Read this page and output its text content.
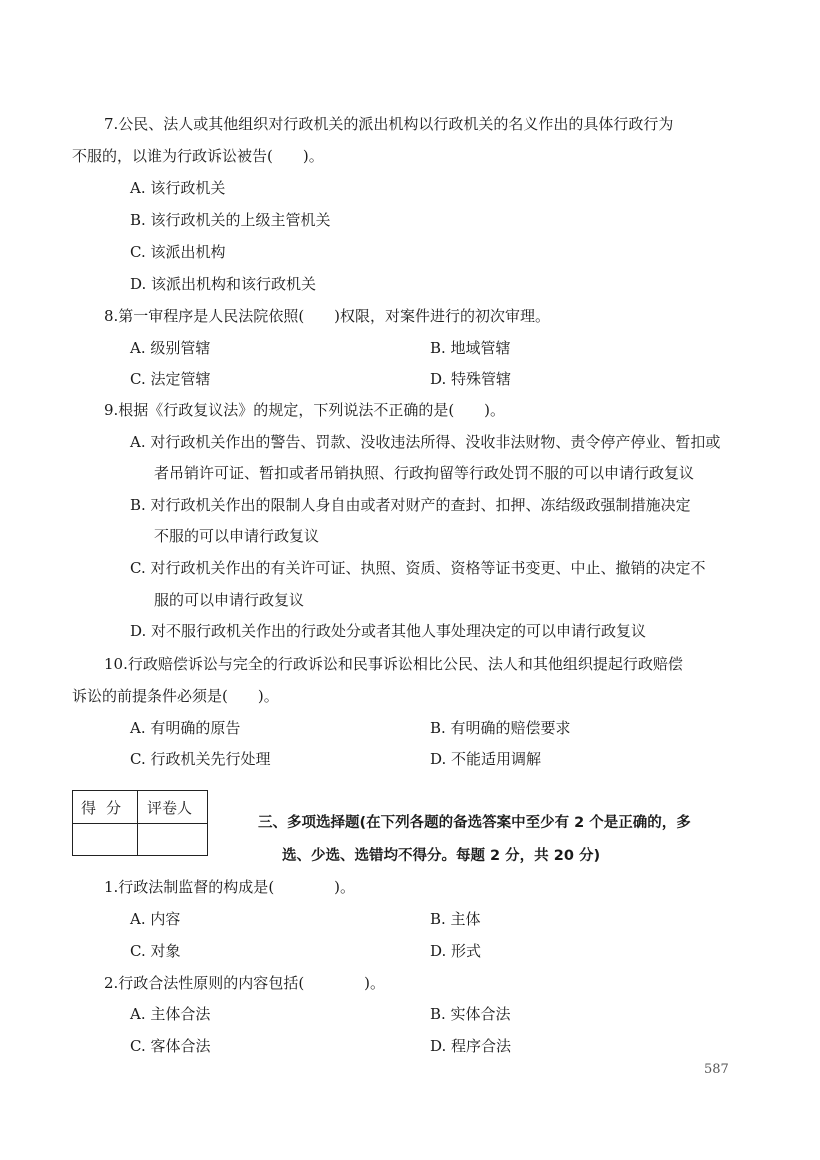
7.公民、法人或其他组织对行政机关的派出机构以行政机关的名义作出的具体行政行为
不服的，以谁为行政诉讼被告(　　)。
A. 该行政机关
B. 该行政机关的上级主管机关
C. 该派出机构
D. 该派出机构和该行政机关
8.第一审程序是人民法院依照(　　)权限，对案件进行的初次审理。
A. 级别管辖	B. 地域管辖
C. 法定管辖	D. 特殊管辖
9.根据《行政复议法》的规定，下列说法不正确的是(　　)。
A. 对行政机关作出的警告、罚款、没收违法所得、没收非法财物、责令停产停业、暂扣或
者吊销许可证、暂扣或者吊销执照、行政拘留等行政处罚不服的可以申请行政复议
B. 对行政机关作出的限制人身自由或者对财产的查封、扣押、冻结级政强制措施决定
不服的可以申请行政复议
C. 对行政机关作出的有关许可证、执照、资质、资格等证书变更、中止、撤销的决定不
服的可以申请行政复议
D. 对不服行政机关作出的行政处分或者其他人事处理决定的可以申请行政复议
10.行政赔偿诉讼与完全的行政诉讼和民事诉讼相比公民、法人和其他组织提起行政赔偿
诉讼的前提条件必须是(　　)。
A. 有明确的原告	B. 有明确的赔偿要求
C. 行政机关先行处理	D. 不能适用调解
得分 评卷人
三、多项选择题(在下列各题的备选答案中至少有 2 个是正确的，多
选、少选、选错均不得分。每题 2 分，共 20 分)
1.行政法制监督的构成是(　　　　)。
A. 内容	B. 主体
C. 对象	D. 形式
2.行政合法性原则的内容包括(　　　　)。
A. 主体合法	B. 实体合法
C. 客体合法	D. 程序合法
587
